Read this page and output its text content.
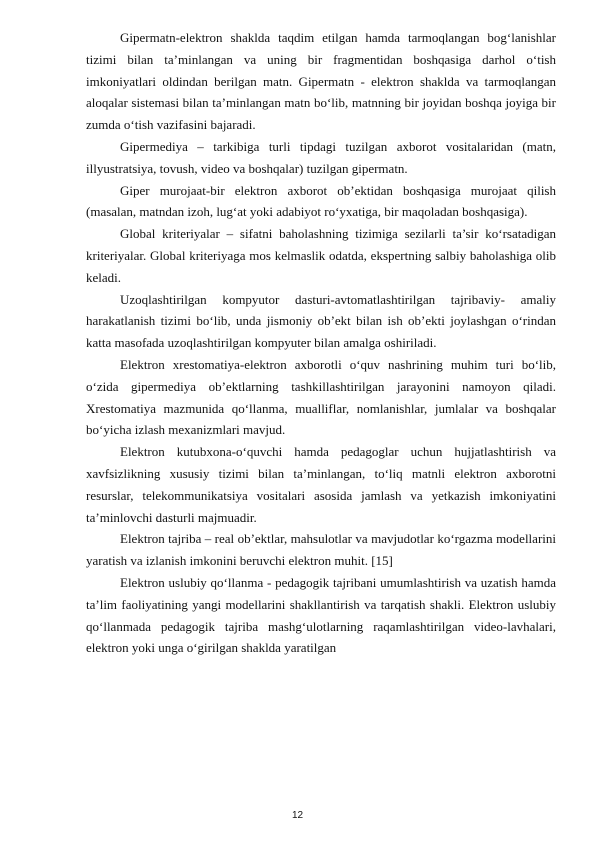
Gipermatn-elektron shaklda taqdim etilgan hamda tarmoqlangan bog‘lanishlar tizimi bilan ta’minlangan va uning bir fragmentidan boshqasiga darhol o‘tish imkoniyatlari oldindan berilgan matn. Gipermatn - elektron shaklda va tarmoqlangan aloqalar sistemasi bilan ta’minlangan matn bo‘lib, matnning bir joyidan boshqa joyiga bir zumda o‘tish vazifasini bajaradi.

Gipermediya – tarkibiga turli tipdagi tuzilgan axborot vositalaridan (matn, illyustratsiya, tovush, video va boshqalar) tuzilgan gipermatn.

Giper murojaat-bir elektron axborot ob’ektidan boshqasiga murojaat qilish (masalan, matndan izoh, lug‘at yoki adabiyot ro‘yxatiga, bir maqoladan boshqasiga).

Global kriteriyalar – sifatni baholashning tizimiga sezilarli ta’sir ko‘rsatadigan kriteriyalar. Global kriteriyaga mos kelmaslik odatda, ekspertning salbiy baholashiga olib keladi.

Uzoqlashtirilgan kompyutor dasturi-avtomatlashtirilgan tajribaviy- amaliy harakatlanish tizimi bo‘lib, unda jismoniy ob’ekt bilan ish ob’ekti joylashgan o‘rindan katta masofada uzoqlashtirilgan kompyuter bilan amalga oshiriladi.

Elektron xrestomatiya-elektron axborotli o‘quv nashrining muhim turi bo‘lib, o‘zida gipermediya ob’ektlarning tashkillashtirilgan jarayonini namoyon qiladi. Xrestomatiya mazmunida qo‘llanma, mualliflar, nomlanishlar, jumlalar va boshqalar bo‘yicha izlash mexanizmlari mavjud.

Elektron kutubxona-o‘quvchi hamda pedagoglar uchun hujjatlashtirish va xavfsizlikning xususiy tizimi bilan ta’minlangan, to‘liq matnli elektron axborotni resurslar, telekommunikatsiya vositalari asosida jamlash va yetkazish imkoniyatini ta’minlovchi dasturli majmuadir.

Elektron tajriba – real ob’ektlar, mahsulotlar va mavjudotlar ko‘rgazma modellarini yaratish va izlanish imkonini beruvchi elektron muhit. [15]

Elektron uslubiy qo‘llanma - pedagogik tajribani umumlashtirish va uzatish hamda ta’lim faoliyatining yangi modellarini shakllantirish va tarqatish shakli. Elektron uslubiy qo‘llanmada pedagogik tajriba mashg‘ulotlarning raqamlashtirilgan video-lavhalari, elektron yoki unga o‘girilgan shaklda yaratilgan

12
